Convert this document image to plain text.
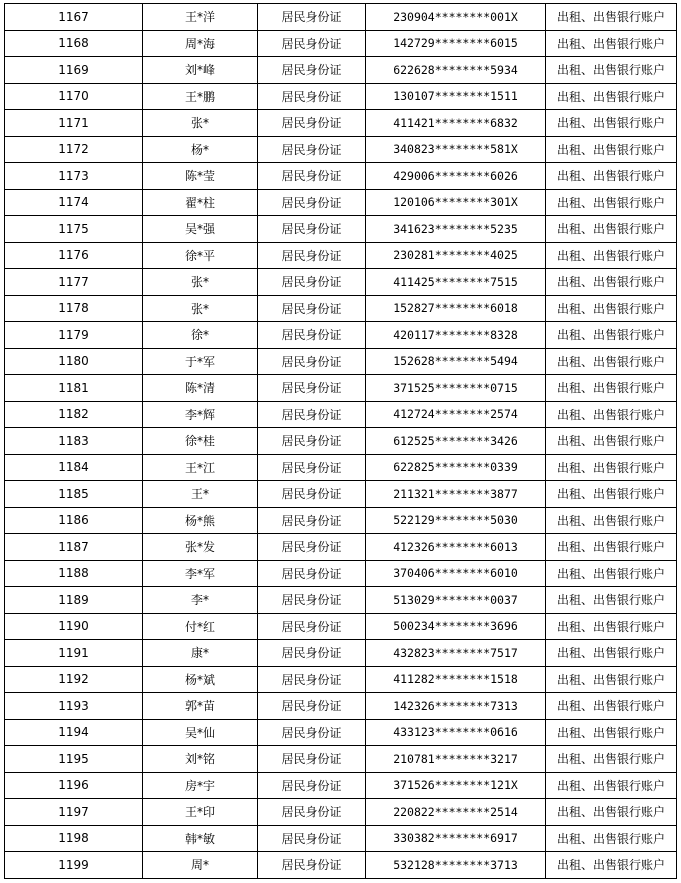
1167	王*洋	居民身份证	230904********001X	出租、出售银行账户
1168	周*海	居民身份证	142729********6015	出租、出售银行账户
1169	刘*峰	居民身份证	622628********5934	出租、出售银行账户
1170	王*鹏	居民身份证	130107********1511	出租、出售银行账户
1171	张*	居民身份证	411421********6832	出租、出售银行账户
1172	杨*	居民身份证	340823********581X	出租、出售银行账户
1173	陈*莹	居民身份证	429006********6026	出租、出售银行账户
1174	翟*柱	居民身份证	120106********301X	出租、出售银行账户
1175	吴*强	居民身份证	341623********5235	出租、出售银行账户
1176	徐*平	居民身份证	230281********4025	出租、出售银行账户
1177	张*	居民身份证	411425********7515	出租、出售银行账户
1178	张*	居民身份证	152827********6018	出租、出售银行账户
1179	徐*	居民身份证	420117********8328	出租、出售银行账户
1180	于*军	居民身份证	152628********5494	出租、出售银行账户
1181	陈*清	居民身份证	371525********0715	出租、出售银行账户
1182	李*辉	居民身份证	412724********2574	出租、出售银行账户
1183	徐*桂	居民身份证	612525********3426	出租、出售银行账户
1184	王*江	居民身份证	622825********0339	出租、出售银行账户
1185	王*	居民身份证	211321********3877	出租、出售银行账户
1186	杨*熊	居民身份证	522129********5030	出租、出售银行账户
1187	张*发	居民身份证	412326********6013	出租、出售银行账户
1188	李*军	居民身份证	370406********6010	出租、出售银行账户
1189	李*	居民身份证	513029********0037	出租、出售银行账户
1190	付*红	居民身份证	500234********3696	出租、出售银行账户
1191	康*	居民身份证	432823********7517	出租、出售银行账户
1192	杨*斌	居民身份证	411282********1518	出租、出售银行账户
1193	郭*苗	居民身份证	142326********7313	出租、出售银行账户
1194	吴*仙	居民身份证	433123********0616	出租、出售银行账户
1195	刘*铭	居民身份证	210781********3217	出租、出售银行账户
1196	房*宇	居民身份证	371526********121X	出租、出售银行账户
1197	王*印	居民身份证	220822********2514	出租、出售银行账户
1198	韩*敏	居民身份证	330382********6917	出租、出售银行账户
1199	周*	居民身份证	532128********3713	出租、出售银行账户
